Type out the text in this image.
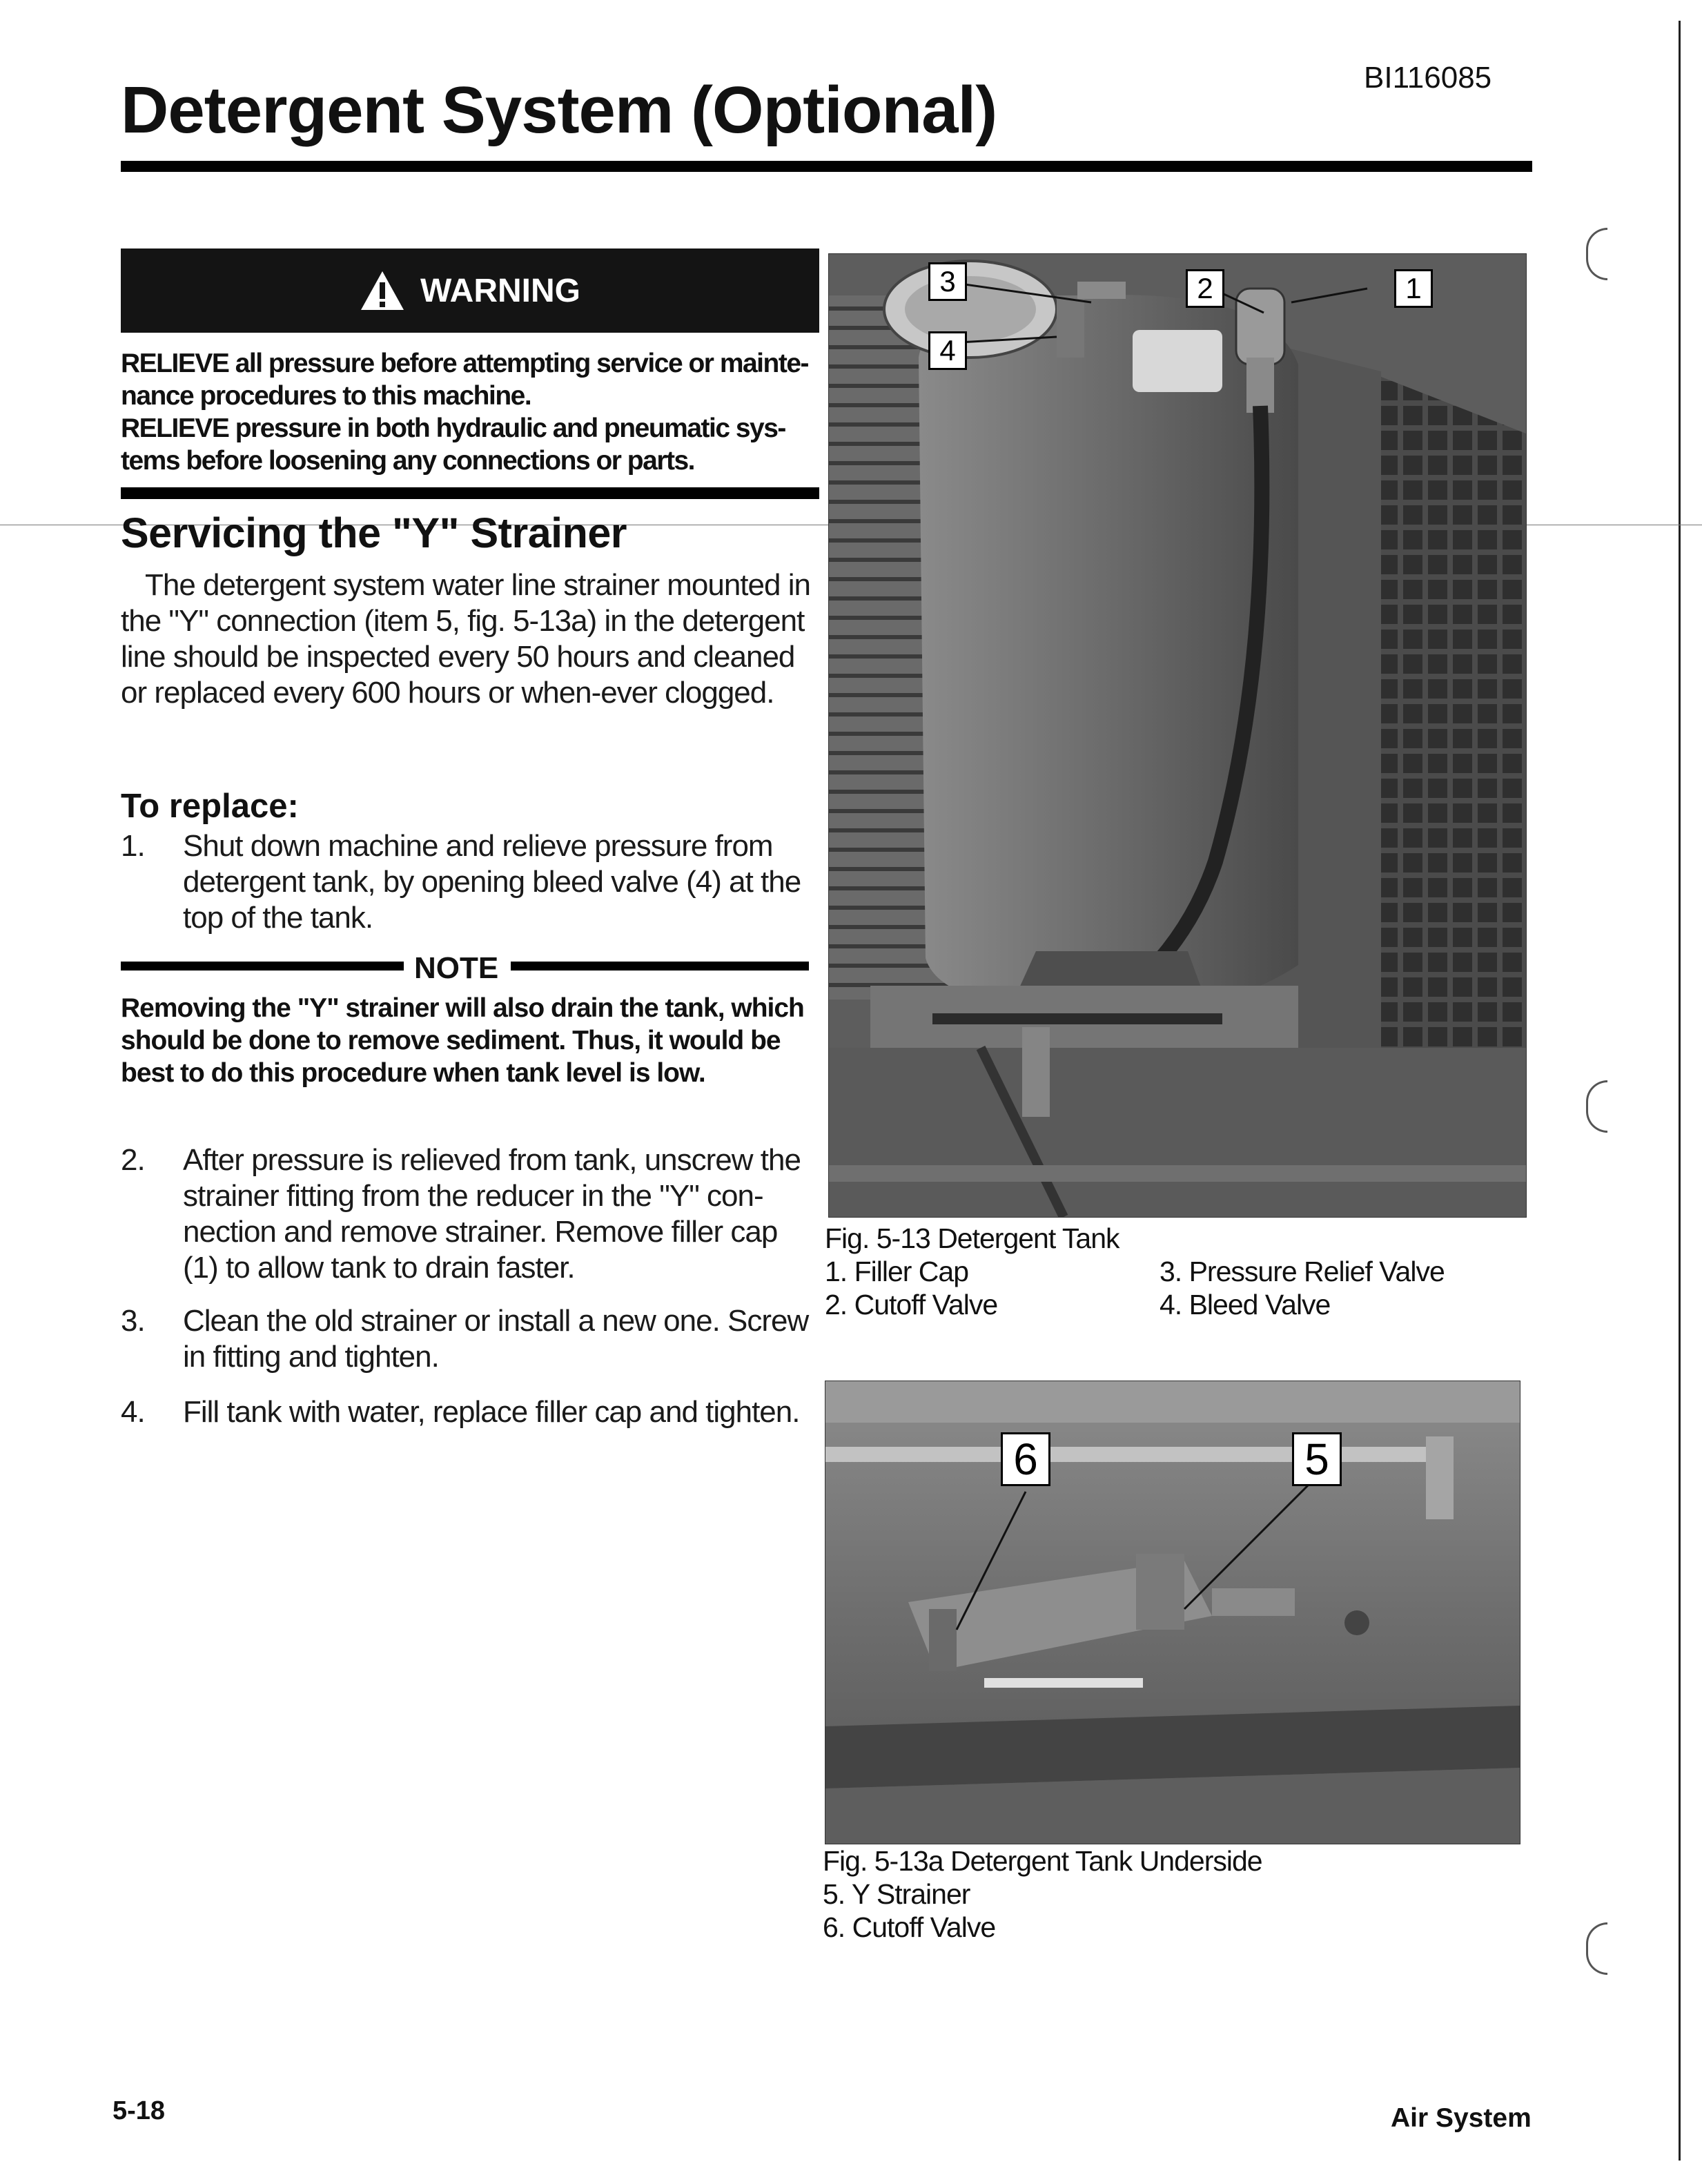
Detergent System (Optional)	BI116085
WARNING

RELIEVE all pressure before attempting service or mainte-nance procedures to this machine.

RELIEVE pressure in both hydraulic and pneumatic sys-tems before loosening any connections or parts.

Servicing the "Y" Strainer
The detergent system water line strainer mounted in the "Y" connection (item 5, fig. 5-13a) in the detergent line should be inspected every 50 hours and cleaned or replaced every 600 hours or when-ever clogged.
To replace:
1.	Shut down machine and relieve pressure from detergent tank, by opening bleed valve (4) at the top of the tank.
NOTE
Removing the "Y" strainer will also drain the tank, which should be done to remove sediment. Thus, it would be best to do this procedure when tank level is low.
2.	After pressure is relieved from tank, unscrew the strainer fitting from the reducer in the "Y" con-nection and remove strainer. Remove filler cap (1) to allow tank to drain faster.
3.	Clean the old strainer or install a new one. Screw in fitting and tighten.
4.	Fill tank with water, replace filler cap and tighten.
3
4
2	1
Fig. 5-13 Detergent Tank
1. Filler Cap
2. Cutoff Valve
3. Pressure Relief Valve
4. Bleed Valve
6	5
Fig. 5-13a Detergent Tank Underside
5. Y Strainer
6. Cutoff Valve
5-18	Air System
